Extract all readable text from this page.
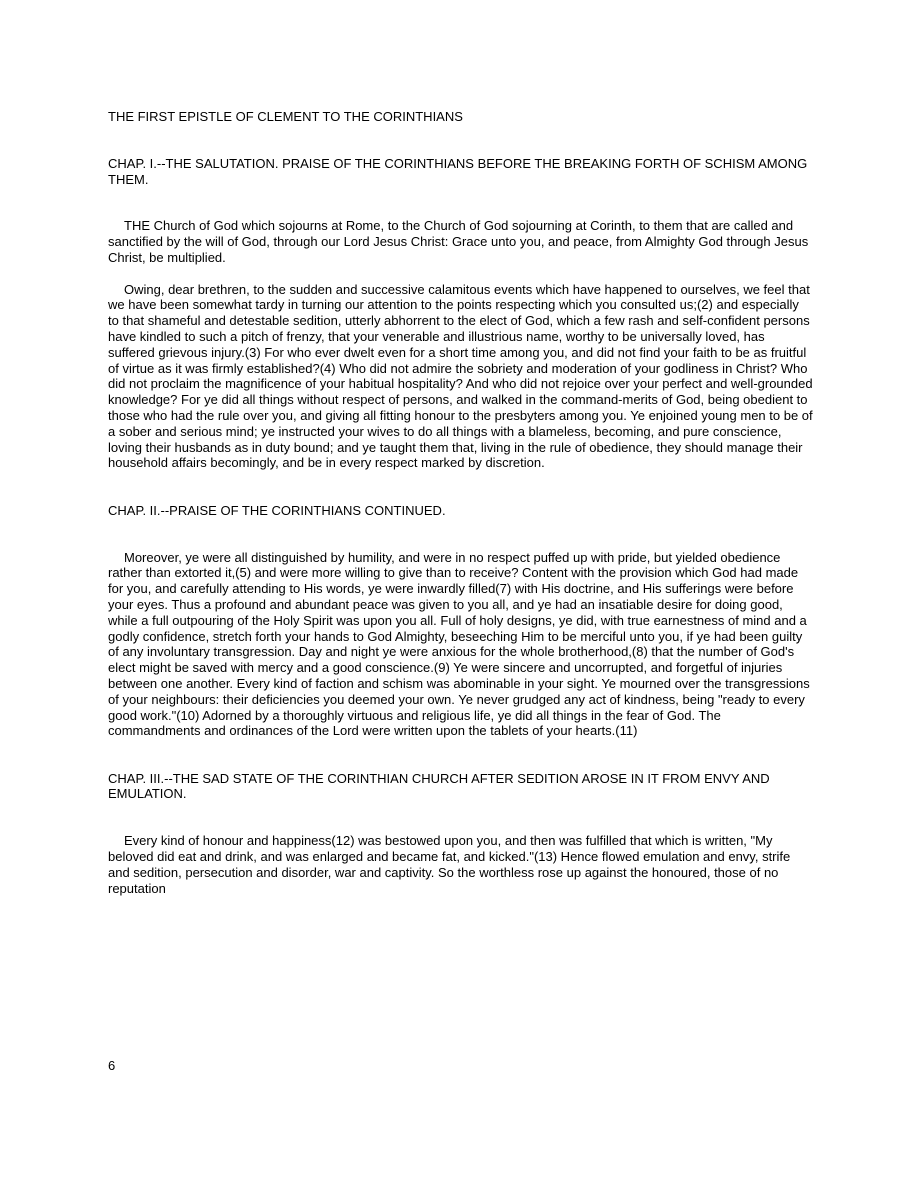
THE FIRST EPISTLE OF CLEMENT TO THE CORINTHIANS
CHAP. I.--THE SALUTATION. PRAISE OF THE CORINTHIANS BEFORE THE BREAKING FORTH OF SCHISM AMONG THEM.

THE Church of God which sojourns at Rome, to the Church of God sojourning at Corinth, to them that are called and sanctified by the will of God, through our Lord Jesus Christ: Grace unto you, and peace, from Almighty God through Jesus Christ, be multiplied.

Owing, dear brethren, to the sudden and successive calamitous events which have happened to ourselves, we feel that we have been somewhat tardy in turning our attention to the points respecting which you consulted us;(2) and especially to that shameful and detestable sedition, utterly abhorrent to the elect of God, which a few rash and self-confident persons have kindled to such a pitch of frenzy, that your venerable and illustrious name, worthy to be universally loved, has suffered grievous injury.(3) For who ever dwelt even for a short time among you, and did not find your faith to be as fruitful of virtue as it was firmly established?(4) Who did not admire the sobriety and moderation of your godliness in Christ? Who did not proclaim the magnificence of your habitual hospitality? And who did not rejoice over your perfect and well-grounded knowledge? For ye did all things without respect of persons, and walked in the command-merits of God, being obedient to those who had the rule over you, and giving all fitting honour to the presbyters among you. Ye enjoined young men to be of a sober and serious mind; ye instructed your wives to do all things with a blameless, becoming, and pure conscience, loving their husbands as in duty bound; and ye taught them that, living in the rule of obedience, they should manage their household affairs becomingly, and be in every respect marked by discretion.

CHAP. II.--PRAISE OF THE CORINTHIANS CONTINUED.

Moreover, ye were all distinguished by humility, and were in no respect puffed up with pride, but yielded obedience rather than extorted it,(5) and were more willing to give than to receive? Content with the provision which God had made for you, and carefully attending to His words, ye were inwardly filled(7) with His doctrine, and His sufferings were before your eyes. Thus a profound and abundant peace was given to you all, and ye had an insatiable desire for doing good, while a full outpouring of the Holy Spirit was upon you all. Full of holy designs, ye did, with true earnestness of mind and a godly confidence, stretch forth your hands to God Almighty, beseeching Him to be merciful unto you, if ye had been guilty of any involuntary transgression. Day and night ye were anxious for the whole brotherhood,(8) that the number of God's elect might be saved with mercy and a good conscience.(9) Ye were sincere and uncorrupted, and forgetful of injuries between one another. Every kind of faction and schism was abominable in your sight. Ye mourned over the transgressions of your neighbours: their deficiencies you deemed your own. Ye never grudged any act of kindness, being "ready to every good work."(10) Adorned by a thoroughly virtuous and religious life, ye did all things in the fear of God. The commandments and ordinances of the Lord were written upon the tablets of your hearts.(11)

CHAP. III.--THE SAD STATE OF THE CORINTHIAN CHURCH AFTER SEDITION AROSE IN IT FROM ENVY AND EMULATION.

Every kind of honour and happiness(12) was bestowed upon you, and then was fulfilled that which is written, "My beloved did eat and drink, and was enlarged and became fat, and kicked."(13) Hence flowed emulation and envy, strife and sedition, persecution and disorder, war and captivity. So the worthless rose up against the honoured, those of no reputation

6
